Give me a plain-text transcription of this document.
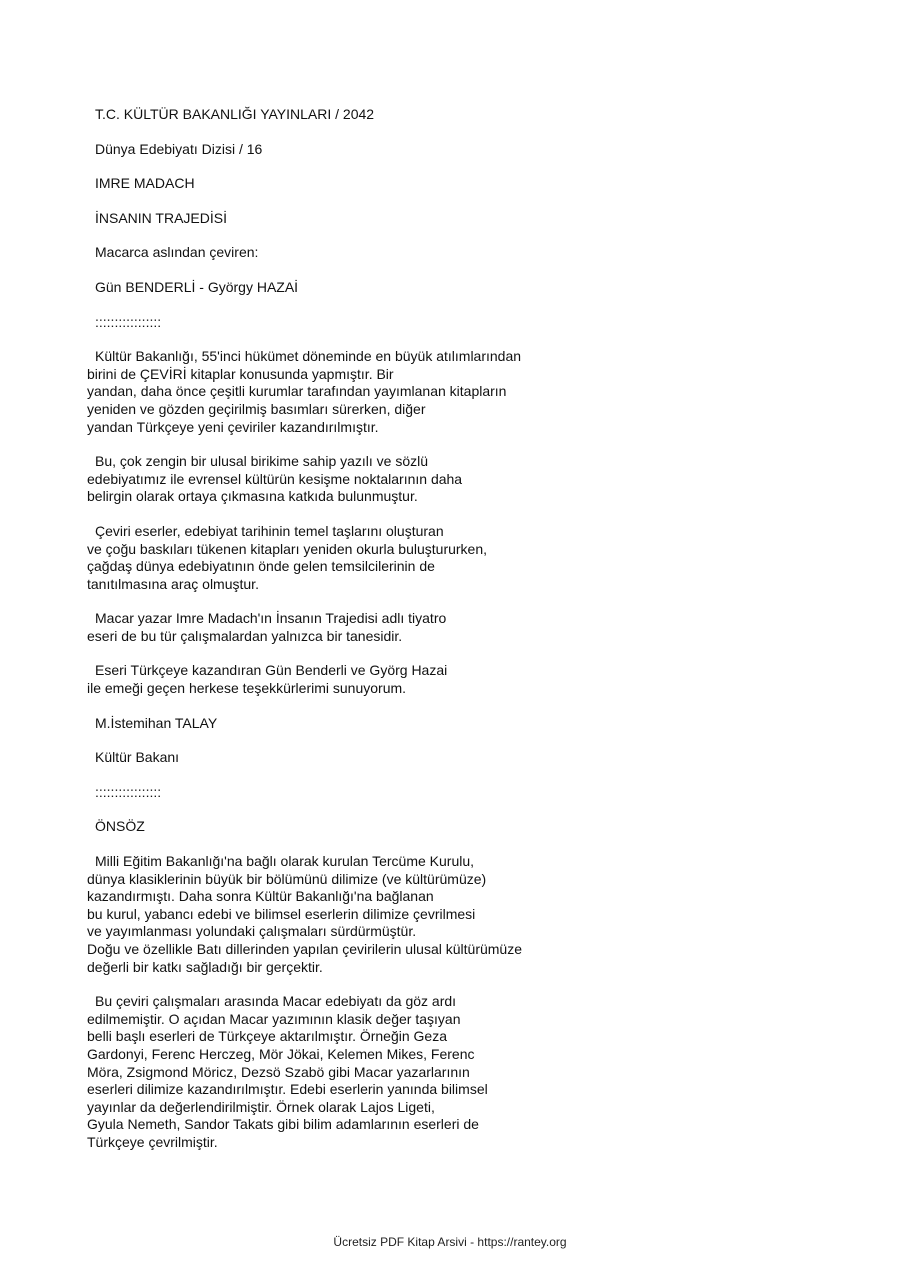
T.C. KÜLTÜR BAKANLIĞI YAYINLARI / 2042
Dünya Edebiyatı Dizisi / 16
IMRE MADACH
İNSANIN TRAJEDİSİ
Macarca aslından çeviren:
Gün BENDERLİ - György HAZAİ
:::::::::::::::::
Kültür Bakanlığı, 55'inci hükümet döneminde en büyük atılımlarından
birini de ÇEVİRİ kitaplar konusunda yapmıştır. Bir
yandan, daha önce çeşitli kurumlar tarafından yayımlanan kitapların
yeniden ve gözden geçirilmiş basımları sürerken, diğer
yandan Türkçeye yeni çeviriler kazandırılmıştır.
Bu, çok zengin bir ulusal birikime sahip yazılı ve sözlü
edebiyatımız ile evrensel kültürün kesişme noktalarının daha
belirgin olarak ortaya çıkmasına katkıda bulunmuştur.
Çeviri eserler, edebiyat tarihinin temel taşlarını oluşturan
ve çoğu baskıları tükenen kitapları yeniden okurla buluştururken,
çağdaş dünya edebiyatının önde gelen temsilcilerinin de
tanıtılmasına araç olmuştur.
Macar yazar Imre Madach'ın İnsanın Trajedisi adlı tiyatro
eseri de bu tür çalışmalardan yalnızca bir tanesidir.
Eseri Türkçeye kazandıran Gün Benderli ve Györg Hazai
ile emeği geçen herkese teşekkürlerimi sunuyorum.
M.İstemihan TALAY
Kültür Bakanı
:::::::::::::::::
ÖNSÖZ
Milli Eğitim Bakanlığı'na bağlı olarak kurulan Tercüme Kurulu,
dünya klasiklerinin büyük bir bölümünü dilimize (ve kültürümüze)
kazandırmıştı. Daha sonra Kültür Bakanlığı'na bağlanan
bu kurul, yabancı edebi ve bilimsel eserlerin dilimize çevrilmesi
ve yayımlanması yolundaki çalışmaları sürdürmüştür.
Doğu ve özellikle Batı dillerinden yapılan çevirilerin ulusal kültürümüze
değerli bir katkı sağladığı bir gerçektir.
Bu çeviri çalışmaları arasında Macar edebiyatı da göz ardı
edilmemiştir. O açıdan Macar yazımının klasik değer taşıyan
belli başlı eserleri de Türkçeye aktarılmıştır. Örneğin Geza
Gardonyi, Ferenc Herczeg, Mör Jökai, Kelemen Mikes, Ferenc
Möra, Zsigmond Möricz, Dezsö Szabö gibi Macar yazarlarının
eserleri dilimize kazandırılmıştır. Edebi eserlerin yanında bilimsel
yayınlar da değerlendirilmiştir. Örnek olarak Lajos Ligeti,
Gyula Nemeth, Sandor Takats gibi bilim adamlarının eserleri de
Türkçeye çevrilmiştir.
Ücretsiz PDF Kitap Arsivi - https://rantey.org
